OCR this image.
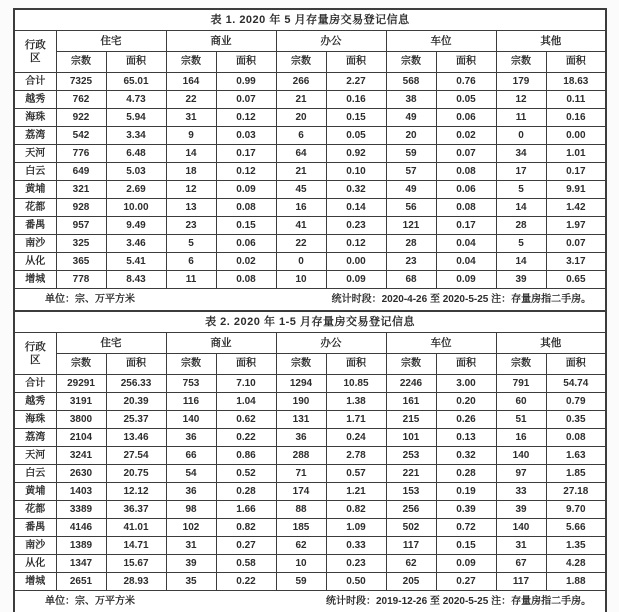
表 1. 2020 年 5 月存量房交易登记信息										

行政
区	住宅		商业		办公		车位		其他	
	宗数	面积	宗数	面积	宗数	面积	宗数	面积	宗数	面积
合计	7325	65.01	164	0.99	266	2.27	568	0.76	179	18.63
越秀	762	4.73	22	0.07	21	0.16	38	0.05	12	0.11
海珠	922	5.94	31	0.12	20	0.15	49	0.06	11	0.16
荔湾	542	3.34	9	0.03	6	0.05	20	0.02	0	0.00
天河	776	6.48	14	0.17	64	0.92	59	0.07	34	1.01
白云	649	5.03	18	0.12	21	0.10	57	0.08	17	0.17
黄埔	321	2.69	12	0.09	45	0.32	49	0.06	5	9.91
花都	928	10.00	13	0.08	16	0.14	56	0.08	14	1.42
番禺	957	9.49	23	0.15	41	0.23	121	0.17	28	1.97
南沙	325	3.46	5	0.06	22	0.12	28	0.04	5	0.07
从化	365	5.41	6	0.02	0	0.00	23	0.04	14	3.17
增城	778	8.43	11	0.08	10	0.09	68	0.09	39	0.65

单位：宗、万平方米 统计时段：2020-4-26 至 2020-5-25 注：存量房指二手房。										
表 2. 2020 年 1-5 月存量房交易登记信息										

行政
区	住宅		商业		办公		车位		其他	
	宗数	面积	宗数	面积	宗数	面积	宗数	面积	宗数	面积
合计	29291	256.33	753	7.10	1294	10.85	2246	3.00	791	54.74
越秀	3191	20.39	116	1.04	190	1.38	161	0.20	60	0.79
海珠	3800	25.37	140	0.62	131	1.71	215	0.26	51	0.35
荔湾	2104	13.46	36	0.22	36	0.24	101	0.13	16	0.08
天河	3241	27.54	66	0.86	288	2.78	253	0.32	140	1.63
白云	2630	20.75	54	0.52	71	0.57	221	0.28	97	1.85
黄埔	1403	12.12	36	0.28	174	1.21	153	0.19	33	27.18
花都	3389	36.37	98	1.66	88	0.82	256	0.39	39	9.70
番禺	4146	41.01	102	0.82	185	1.09	502	0.72	140	5.66
南沙	1389	14.71	31	0.27	62	0.33	117	0.15	31	1.35
从化	1347	15.67	39	0.58	10	0.23	62	0.09	67	4.28
增城	2651	28.93	35	0.22	59	0.50	205	0.27	117	1.88

单位：宗、万平方米 统计时段：2019-12-26 至 2020-5-25 注：存量房指二手房。										
